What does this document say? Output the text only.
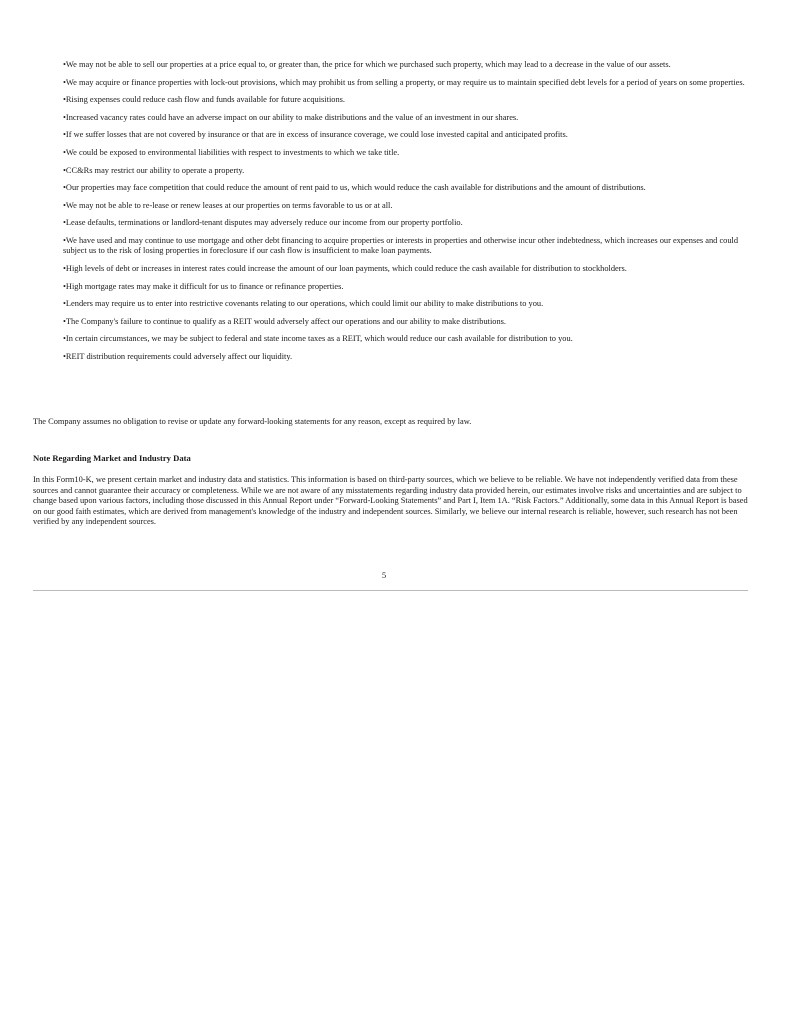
•We may not be able to sell our properties at a price equal to, or greater than, the price for which we purchased such property, which may lead to a decrease in the value of our assets.
•We may acquire or finance properties with lock-out provisions, which may prohibit us from selling a property, or may require us to maintain specified debt levels for a period of years on some properties.
•Rising expenses could reduce cash flow and funds available for future acquisitions.
•Increased vacancy rates could have an adverse impact on our ability to make distributions and the value of an investment in our shares.
•If we suffer losses that are not covered by insurance or that are in excess of insurance coverage, we could lose invested capital and anticipated profits.
•We could be exposed to environmental liabilities with respect to investments to which we take title.
•CC&Rs may restrict our ability to operate a property.
•Our properties may face competition that could reduce the amount of rent paid to us, which would reduce the cash available for distributions and the amount of distributions.
•We may not be able to re-lease or renew leases at our properties on terms favorable to us or at all.
•Lease defaults, terminations or landlord-tenant disputes may adversely reduce our income from our property portfolio.
•We have used and may continue to use mortgage and other debt financing to acquire properties or interests in properties and otherwise incur other indebtedness, which increases our expenses and could subject us to the risk of losing properties in foreclosure if our cash flow is insufficient to make loan payments.
•High levels of debt or increases in interest rates could increase the amount of our loan payments, which could reduce the cash available for distribution to stockholders.
•High mortgage rates may make it difficult for us to finance or refinance properties.
•Lenders may require us to enter into restrictive covenants relating to our operations, which could limit our ability to make distributions to you.
•The Company's failure to continue to qualify as a REIT would adversely affect our operations and our ability to make distributions.
•In certain circumstances, we may be subject to federal and state income taxes as a REIT, which would reduce our cash available for distribution to you.
•REIT distribution requirements could adversely affect our liquidity.

The Company assumes no obligation to revise or update any forward-looking statements for any reason, except as required by law.

Note Regarding Market and Industry Data

In this Form10-K, we present certain market and industry data and statistics. This information is based on third-party sources, which we believe to be reliable. We have not independently verified data from these sources and cannot guarantee their accuracy or completeness. While we are not aware of any misstatements regarding industry data provided herein, our estimates involve risks and uncertainties and are subject to change based upon various factors, including those discussed in this Annual Report under “Forward-Looking Statements” and Part I, Item 1A. “Risk Factors.” Additionally, some data in this Annual Report is based on our good faith estimates, which are derived from management's knowledge of the industry and independent sources. Similarly, we believe our internal research is reliable, however, such research has not been verified by any independent sources.

5
